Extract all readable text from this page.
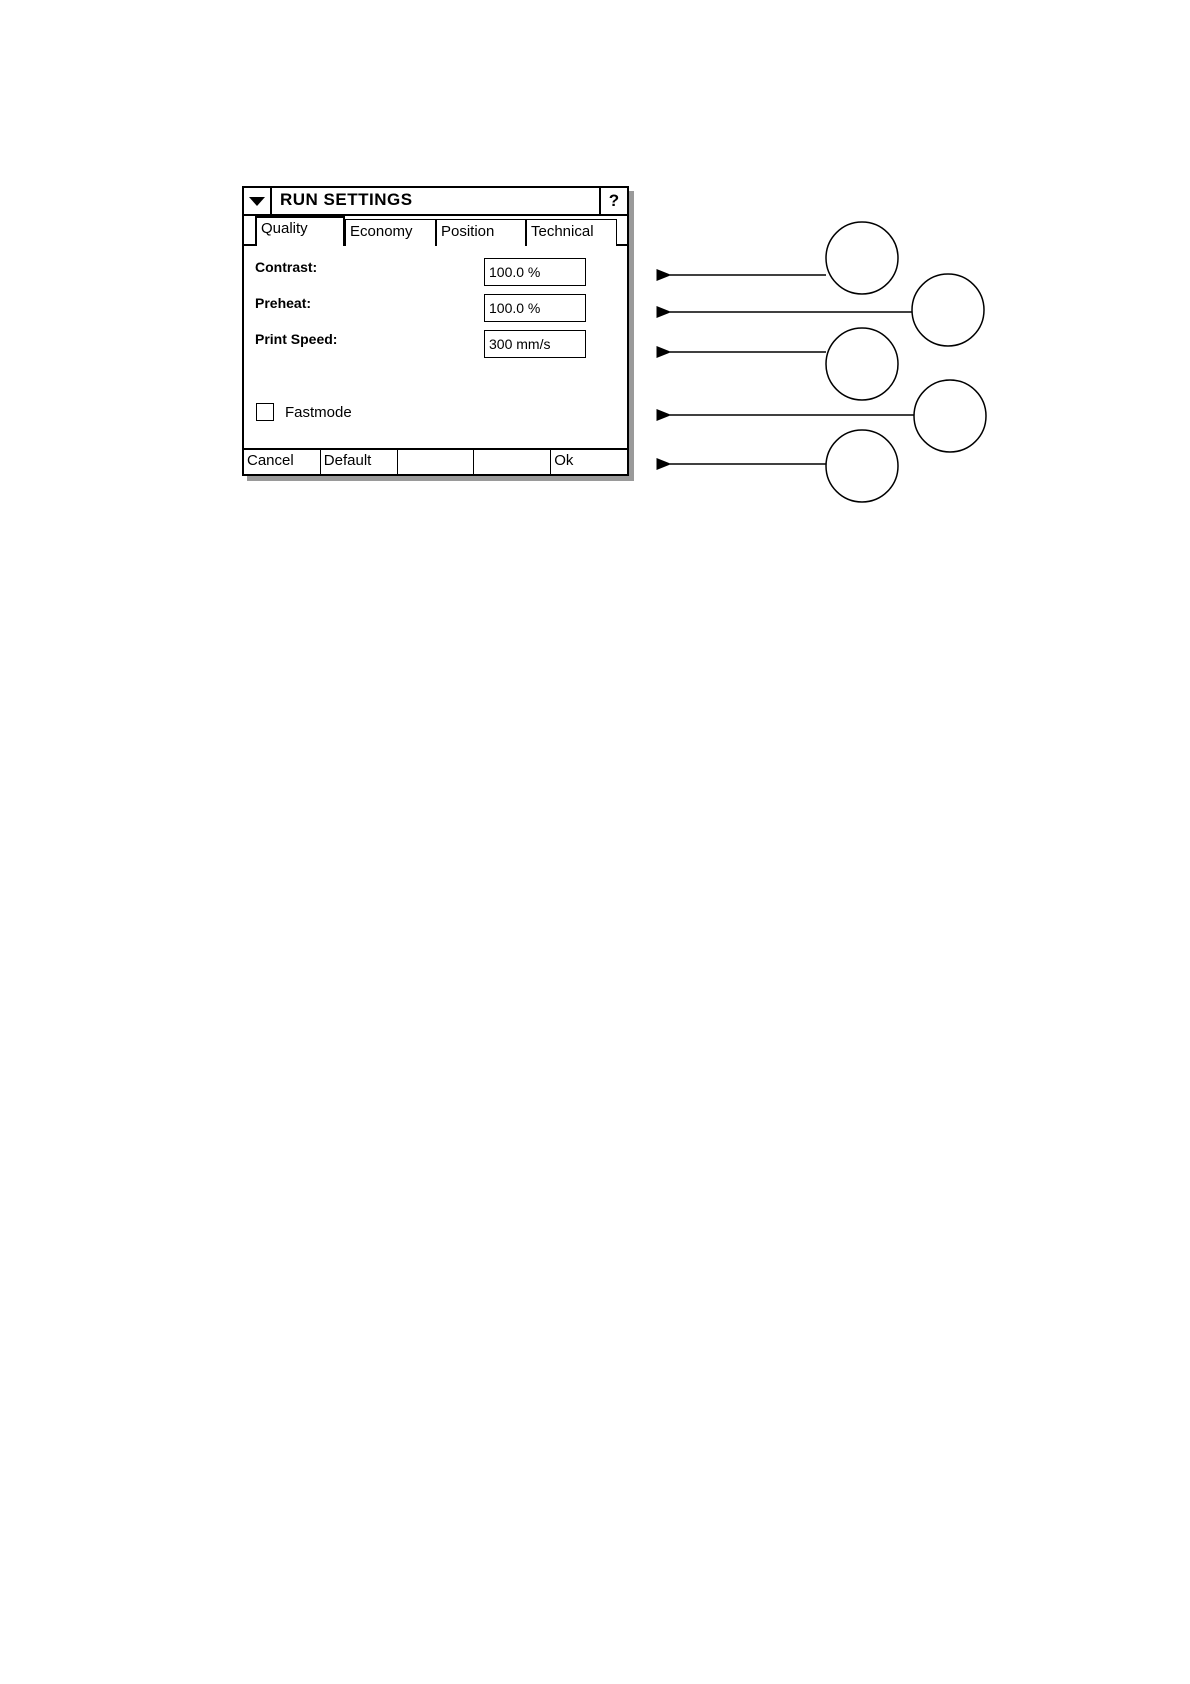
RUN SETTINGS	?
Quality	Economy	Position	Technical
Contrast:
100.0 %
Preheat:
100.0 %
Print Speed:
300 mm/s
Fastmode
Cancel	Default	Ok
